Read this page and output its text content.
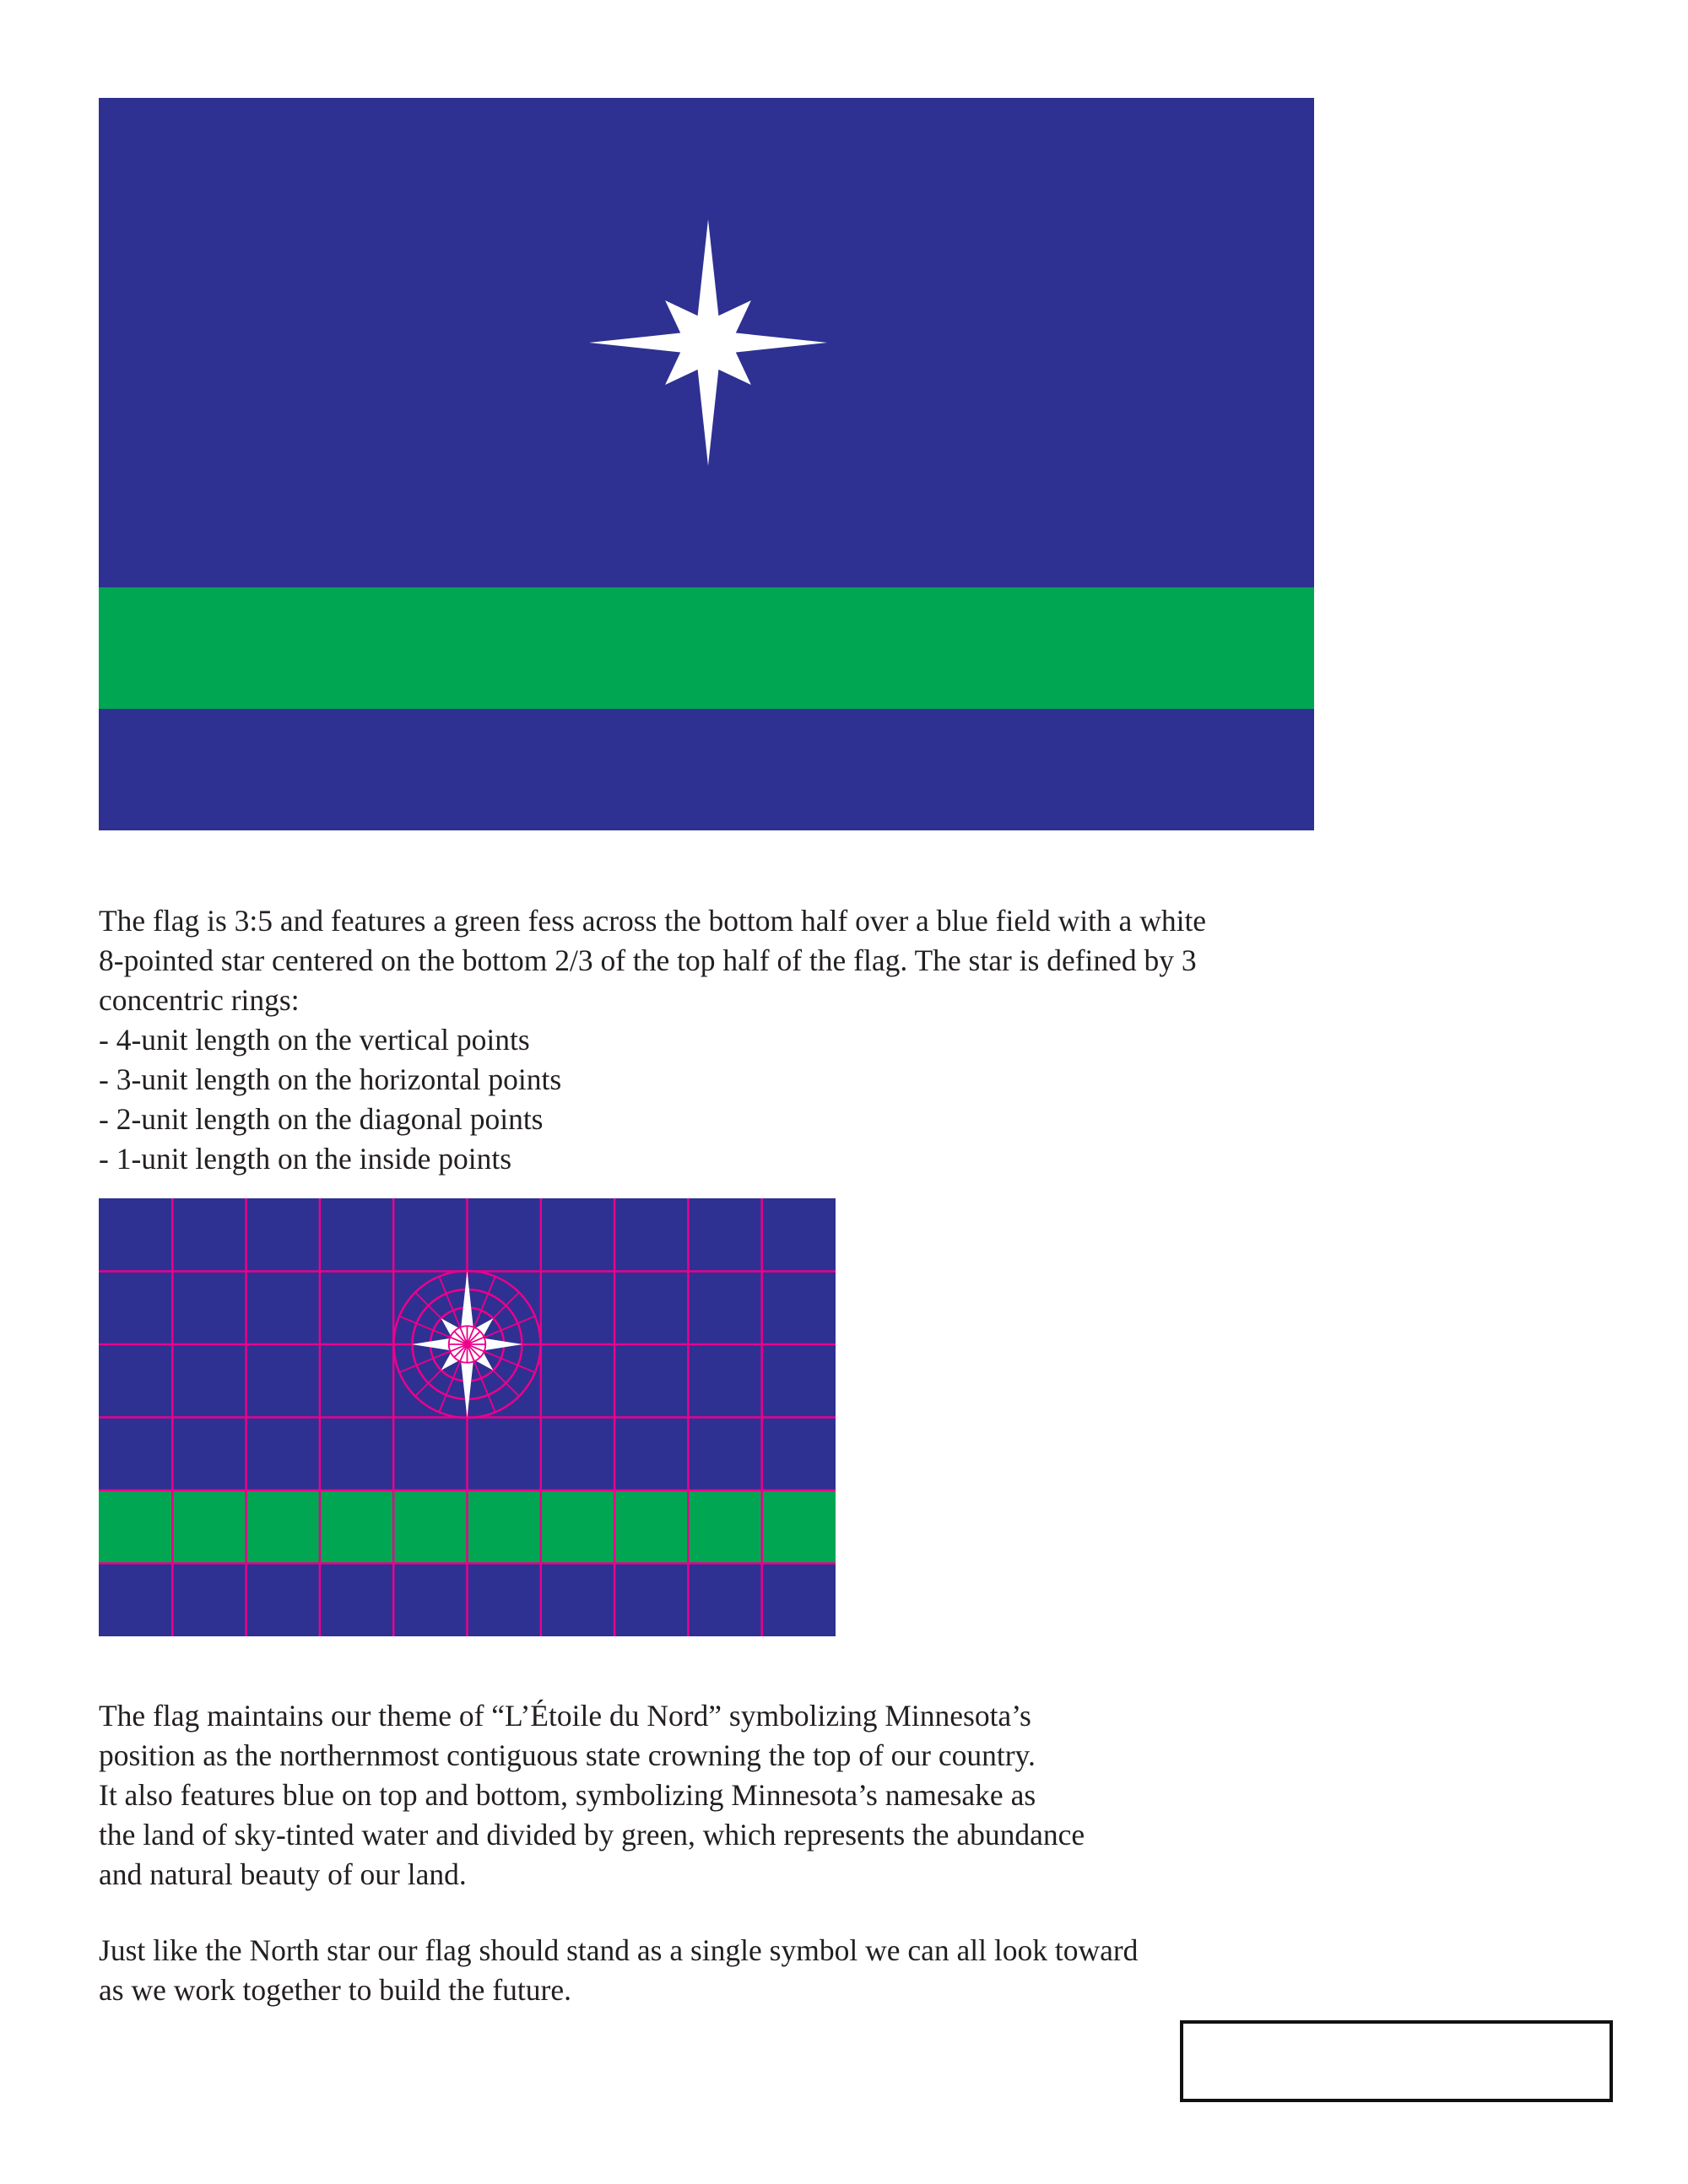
The flag is 3:5 and features a green fess across the bottom half over a blue field with a white
8-pointed star centered on the bottom 2/3 of the top half of the flag. The star is defined by 3
concentric rings:
- 4-unit length on the vertical points
- 3-unit length on the horizontal points
- 2-unit length on the diagonal points
- 1-unit length on the inside points

The flag maintains our theme of “L’Étoile du Nord” symbolizing Minnesota’s
position as the northernmost contiguous state crowning the top of our country.
It also features blue on top and bottom, symbolizing Minnesota’s namesake as
the land of sky-tinted water and divided by green, which represents the abundance
and natural beauty of our land.

Just like the North star our flag should stand as a single symbol we can all look toward
as we work together to build the future.
